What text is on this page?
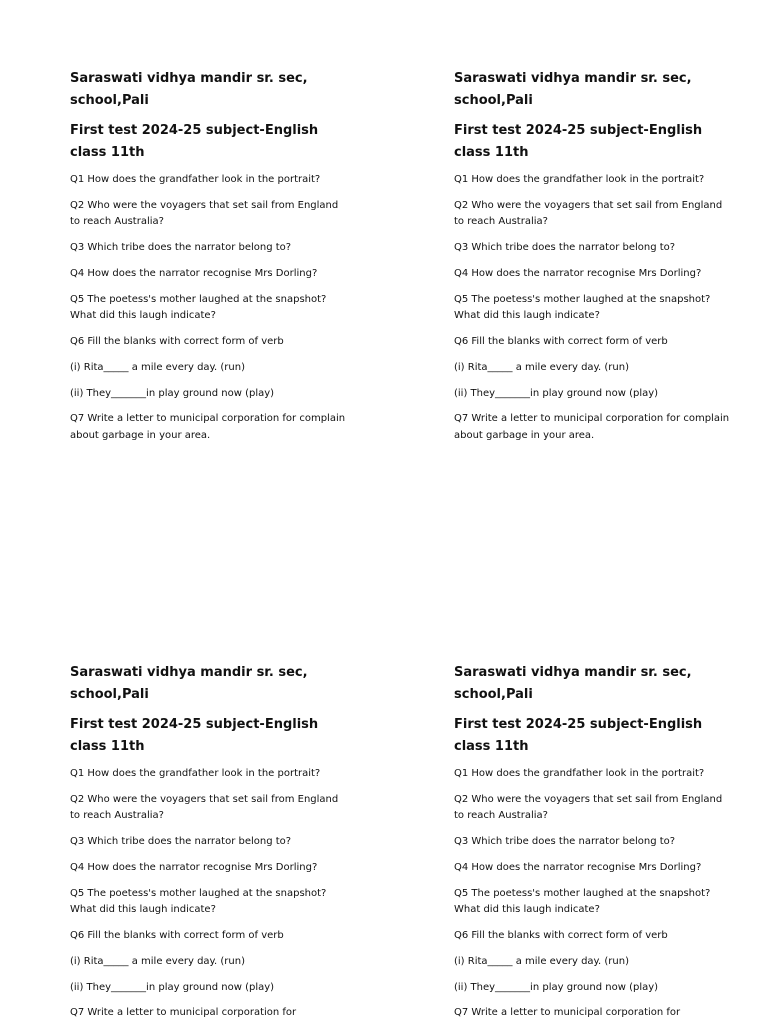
Saraswati vidhya mandir sr. sec, school,Pali

First test 2024-25 subject-English class 11th

Q1 How does the grandfather look in the portrait?

Q2 Who were the voyagers that set sail from England to reach Australia?

Q3 Which tribe does the narrator belong to?

Q4 How does the narrator recognise Mrs Dorling?

Q5 The poetess's mother laughed at the snapshot? What did this laugh indicate?

Q6 Fill the blanks with correct form of verb

(i) Rita_____ a mile every day. (run)

(ii) They_______in play ground now (play)

Q7 Write a letter to municipal corporation for complain about garbage in your area.

Saraswati vidhya mandir sr. sec, school,Pali

First test 2024-25 subject-English class 11th

Q1 How does the grandfather look in the portrait?

Q2 Who were the voyagers that set sail from England to reach Australia?

Q3 Which tribe does the narrator belong to?

Q4 How does the narrator recognise Mrs Dorling?

Q5 The poetess's mother laughed at the snapshot? What did this laugh indicate?

Q6 Fill the blanks with correct form of verb

(i) Rita_____ a mile every day. (run)

(ii) They_______in play ground now (play)

Q7 Write a letter to municipal corporation for complain about garbage in your area.

Saraswati vidhya mandir sr. sec, school,Pali

First test 2024-25 subject-English class 11th

Q1 How does the grandfather look in the portrait?

Q2 Who were the voyagers that set sail from England to reach Australia?

Q3 Which tribe does the narrator belong to?

Q4 How does the narrator recognise Mrs Dorling?

Q5 The poetess's mother laughed at the snapshot? What did this laugh indicate?

Q6 Fill the blanks with correct form of verb

(i) Rita_____ a mile every day. (run)

(ii) They_______in play ground now (play)

Q7 Write a letter to municipal corporation for

Saraswati vidhya mandir sr. sec, school,Pali

First test 2024-25 subject-English class 11th

Q1 How does the grandfather look in the portrait?

Q2 Who were the voyagers that set sail from England to reach Australia?

Q3 Which tribe does the narrator belong to?

Q4 How does the narrator recognise Mrs Dorling?

Q5 The poetess's mother laughed at the snapshot? What did this laugh indicate?

Q6 Fill the blanks with correct form of verb

(i) Rita_____ a mile every day. (run)

(ii) They_______in play ground now (play)

Q7 Write a letter to municipal corporation for
